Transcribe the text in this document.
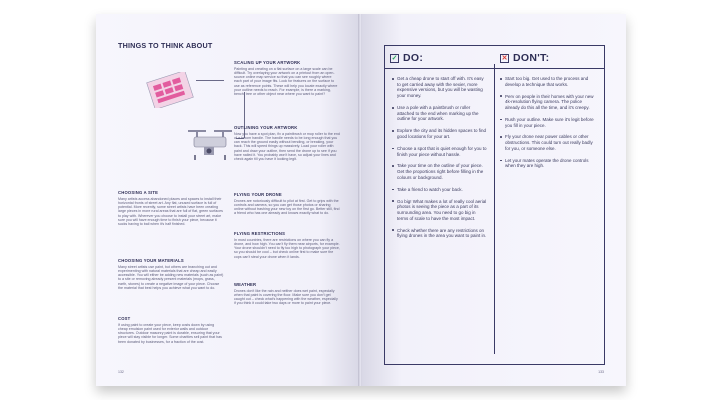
THINGS TO THINK ABOUT
SCALING UP YOUR ARTWORK
Painting and creating on a flat surface on a large scale can be difficult. Try overlaying your artwork on a printout from an open-source online map service so that you can see roughly where each part of your image fits. Look for features on the surface to use as reference points. These will help you locate exactly where your outline needs to reach. For example, is there a marking, bench, tree or other object near where you want to paint?
OUTLINING YOUR ARTWORK
Now you have a spot plan, fix a paintbrush or mop roller to the end of a broom handle. The handle needs to be long enough that you can reach the ground easily without bending, or breaking, your back. This will speed things up massively. Load your roller with paint and draw your outline, then send the drone up to see if you have nailed it. You probably won't have, so adjust your lines and check again till you have it looking legit.
FLYING YOUR DRONE
Drones are notoriously difficult to pilot at first. Get to grips with the controls and camera, so you can get those photos or sharing online without trashing your new toy on the first go. Better still, find a friend who has one already and knows exactly what to do.
FLYING RESTRICTIONS
In most countries, there are restrictions on where you can fly a drone, and how high. You can't fly them near airports, for example. Your drone shouldn't need to fly too high to photograph your piece, so you should be cool – but check online first to make sure the cops can't steal your drone when it lands.
WEATHER
Drones don't like the rain and neither does wet paint, especially when that paint is covering the floor. Make sure you don't get caught out – check what's happening with the weather, especially if you think it could take two days or more to paint your piece.
CHOOSING A SITE
Many artists access abandoned places and spaces to install their horizontal fronts of street art. Any flat, unused surface is full of potential. More recently, some street artists have been creating large pieces in more rural areas that are full of flat, green surfaces to play with. Wherever you choose to install your street art, make sure you will have enough time to finish your piece, because it sucks having to bail when it's half finished.
CHOOSING YOUR MATERIALS
Many street artists use paint, but others are branching out and experimenting with natural materials that are cheap and easily accessible. You will either be adding new materials (such as paint) to a site or removing already present materials (mops, grass, earth, stones) to create a negative image of your piece. Choose the material that best helps you achieve what you want to do.
COST
If using paint to create your piece, keep costs down by using cheap emulsion paint used for exterior walls and outdoor structures. Outdoor masonry paint is durable, ensuring that your piece will stay visible for longer. Some charities sell paint that has been donated by businesses, for a fraction of the cost.
132
✓ DO:	✕ DON'T:
Get a cheap drone to start off with. It's easy to get carried away with the sexier, more expensive versions, but you will be wasting your money.
Use a pole with a paintbrush or roller attached to the end when marking up the outline for your artwork.
Explore the city and its hidden spaces to find good locations for your art.
Choose a spot that is quiet enough for you to finish your piece without hassle.
Take your time on the outline of your piece. Get the proportions right before filling in the colours or background.
Take a friend to watch your back.
Go big! What makes a lot of really cool aerial photos is seeing the piece as a part of its surrounding area. You need to go big in terms of scale to have the most impact.
Check whether there are any restrictions on flying drones in the area you want to paint in.
Start too big. Get used to the process and develop a technique that works.
Perv on people in their homes with your new 4k-resolution flying camera. The police already do this all the time, and it's creepy.
Rush your outline. Make sure it's legit before you fill in your piece.
Fly your drone near power cables or other obstructions. This could turn out really badly for you, or someone else.
Let your mates operate the drone controls when they are high.
133
